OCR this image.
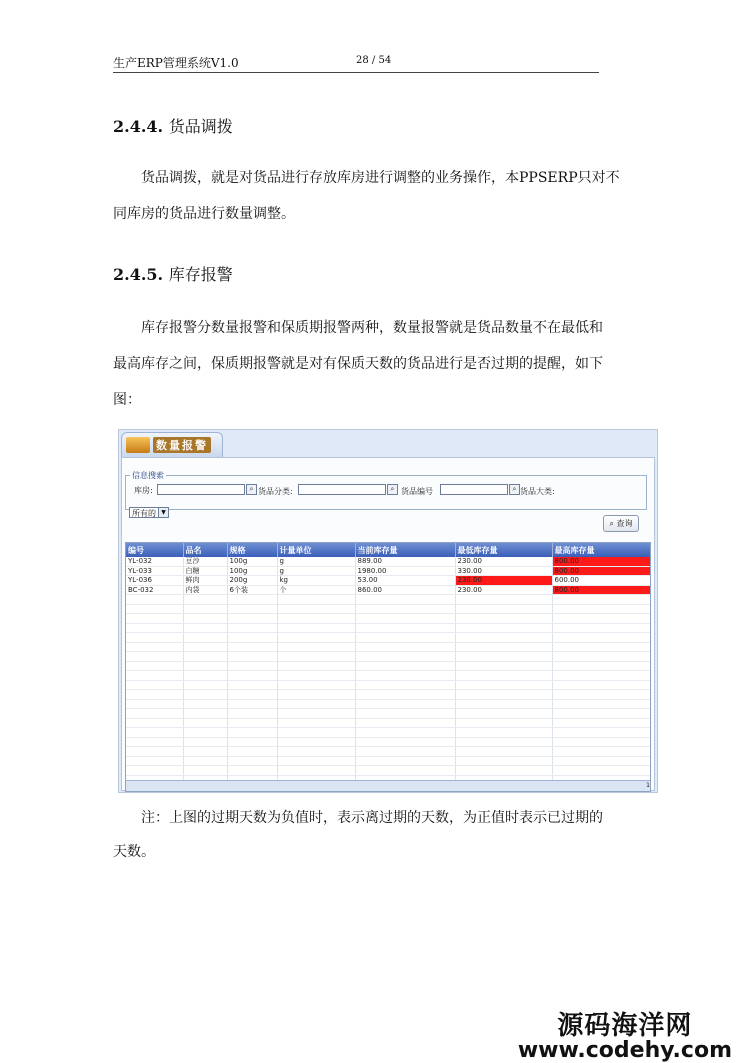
生产ERP管理系统V1.0	28 / 54
2.4.4. 货品调拨

货品调拨，就是对货品进行存放库房进行调整的业务操作，本PPSERP只对不
同库房的货品进行数量调整。

2.4.5. 库存报警

库存报警分数量报警和保质期报警两种，数量报警就是货品数量不在最低和
最高库存之间，保质期报警就是对有保质天数的货品进行是否过期的提醒，如下
图：

数量报警
信息搜索
库房:	⌕ 货品分类:	⌕ 货品编号	⌕ 货品大类:
所有的 ▼
⌕ 查询
编号	品名	规格	计量单位	当前库存量	最低库存量	最高库存量
YL-032	豆沙	100g	g	889.00	230.00	800.00
YL-033	白糖	100g	g	1980.00	330.00	800.00
YL-036	鲜肉	200g	kg	53.00	230.00	600.00
BC-032	内袋	6个装	个	860.00	230.00	800.00

1

注：上图的过期天数为负值时，表示离过期的天数，为正值时表示已过期的
天数。

源码海洋网
www.codehy.com
